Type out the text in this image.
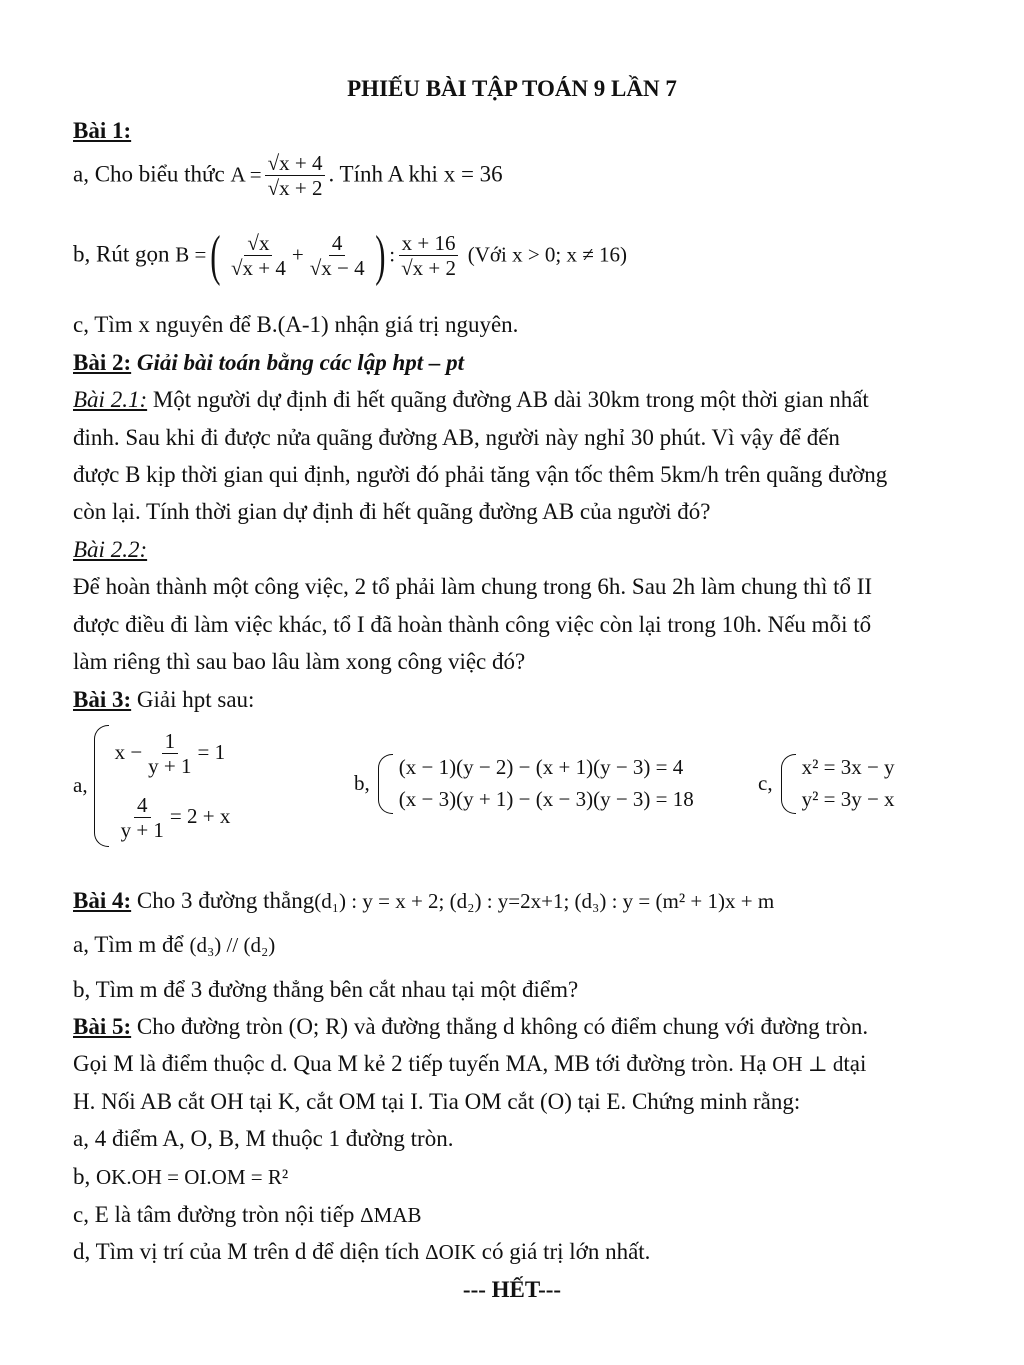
PHIẾU BÀI TẬP TOÁN 9 LẦN 7
Bài 1:
a, Cho biểu thức $A = \frac{√x + 4}{√x + 2}$ . Tính A khi x = 36
b, Rút gọn B =( $\frac{√x}{√x + 4} + \frac{4}{√x - 4}$ ) : $\frac{x + 16}{√x + 2}$ (Với x > 0; x ≠ 16)
c, Tìm x nguyên để B.(A-1) nhận giá trị nguyên.
Bài 2: Giải bài toán bằng các lập hpt – pt
Bài 2.1: Một người dự định đi hết quãng đường AB dài 30km trong một thời gian nhất
đinh. Sau khi đi được nửa quãng đường AB, người này nghỉ 30 phút. Vì vậy để đến
được B kịp thời gian qui định, người đó phải tăng vận tốc thêm 5km/h trên quãng đường
còn lại. Tính thời gian dự định đi hết quãng đường AB của người đó?
Bài 2.2:
Để hoàn thành một công việc, 2 tổ phải làm chung trong 6h. Sau 2h làm chung thì tổ II
được điều đi làm việc khác, tổ I đã hoàn thành công việc còn lại trong 10h. Nếu mỗi tổ
làm riêng thì sau bao lâu làm xong công việc đó?
Bài 3: Giải hpt sau:
a,
$x - \frac{1}{y + 1} = 1$
$\frac{4}{y + 1} = 2 + x$
b,
(x − 1)(y − 2) − (x + 1)(y − 3) = 4
(x − 3)(y + 1) − (x − 3)(y − 3) = 18
c,
x² = 3x − y
y² = 3y − x
Bài 4: Cho 3 đường thẳng(d₁) : y = x + 2; (d₂) : y=2x+1; (d₃) : y = (m² + 1)x + m
a, Tìm m để (d₃) // (d₂)
b, Tìm m để 3 đường thẳng bên cắt nhau tại một điểm?
Bài 5: Cho đường tròn (O; R) và đường thẳng d không có điểm chung với đường tròn.
Gọi M là điểm thuộc d. Qua M kẻ 2 tiếp tuyến MA, MB tới đường tròn. Hạ OH ⊥ dtại
H. Nối AB cắt OH tại K, cắt OM tại I. Tia OM cắt (O) tại E. Chứng minh rằng:
a, 4 điểm A, O, B, M thuộc 1 đường tròn.
b, OK.OH = OI.OM = R²
c, E là tâm đường tròn nội tiếp ΔMAB
d, Tìm vị trí của M trên d để diện tích ΔOIK có giá trị lớn nhất.
--- HẾT---
